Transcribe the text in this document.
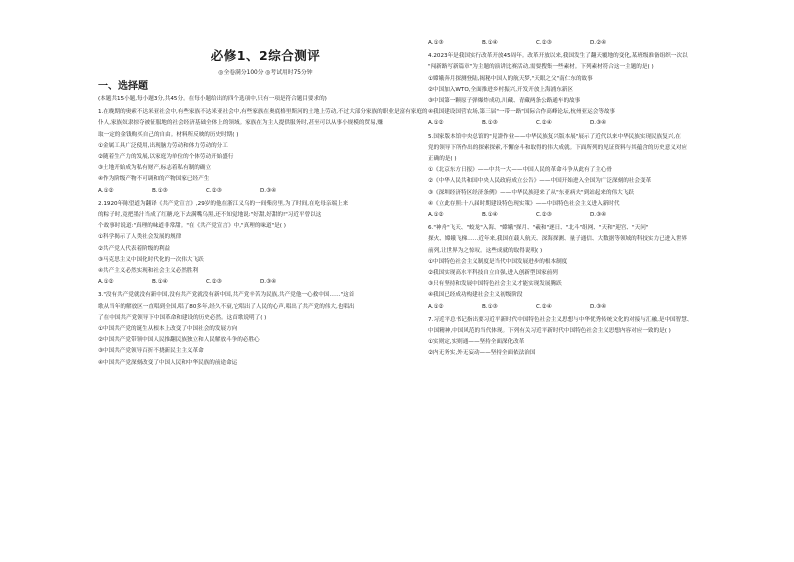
必修1、2综合测评
◎全卷满分100分 ◎考试用时75分钟
一、选择题
(本题共15小题,每小题3分,共45分。在每小题给出的四个选项中,只有一项是符合题目要求的)
1.在晚期的奥索不达米亚社会中,有些家族不达米亚社会中,有些家族在奥底格里斯河的土地上劳动,不过大部分家族的职业是富有家庭的
仆人,家族奴隶掠夺被征服地的社会经济基础全体上的领域。家族在为主人提供服务时,甚至可以从事小规模的贸易,赚
取一定的金钱购买自己的自由。材料所反映的历史时期( )
①金属工具广泛使用,出现脑力劳动和体力劳动的分工
②随着生产力的发展,以家庭为单位的个体劳动开始盛行
③土地开始成为私有财产,标志着私有制的确立
④作为阶级产物不可调和的产物国家已经产生
A.①②	B.①③	C.②③	D.③④
2.1920年陈望道为翻译《共产党宣言》,29岁的他在浙江义乌的一间柴房里,为了时间,在吃母亲端上来
的粽子时,竟把墨汁当成了红糖,吃下去满嘴乌黑,还不知觉地说:"好甜,好甜的!"习近平曾以这
个故事时说道:"真理的味道非常甜。"在《共产党宣言》中,"真理的味道"是( )
①科学揭示了人类社会发展的规律
②共产党人代表着阶级的利益
③马克思主义中国化时代化的一次伟大飞跃
④共产主义必然实现和社会主义必然胜利
A.①②	B.①④	C.②③	D.③④
3."没有共产党就没有新中国,没有共产党就没有新中国,共产党辛苦为民族,共产党他一心救中国……"这首
歌从当年的解放区一直唱到全国,唱了80多年,经久不衰,它唱出了人民的心声,唱出了共产党的伟大,也唱出
了在中国共产党领导下中国革命和建设的历史必然。这首歌说明了( )
①中国共产党的诞生从根本上改变了中国社会的发展方向
②中国共产党带领中国人民推翻民族独立和人民解放斗争的必胜心
③中国共产党领导百折不挠新民主主义革命
④中国共产党深刻改变了中国人民和中华民族的前途命运
A.①③	B.①④	C.②③	D.②④
4.2023年是我国实行改革开放45周年。改革开放以来,我国发生了翻天覆地的变化,某班级准备组织一次以
"闯新路写新篇章"为主题的演讲比赛活动,需要搜集一些素材。下列素材符合这一主题的是( )
①嫦娥奔月探测登陆,揭秘中国人的航天梦,"天眼之父"南仁东的故事
②中国加入WTO,全面推进乡村振兴,开发开放上海浦东新区
③中国第一颗原子弹爆炸成功,川藏、青藏两条公路通车的故事
④我国建设国营农场,第三届"一带一路"国际合作高峰论坛,杭州亚运会等故事
A.①②	B.①③	C.②④	D.③④
5.国家版本馆中央总馆的"見證作业——中华民族复兴版本展"展示了近代以来中华民族实现民族复兴,在
党的领导下所作出的探索探索,不懈奋斗和取得的伟大成就。下面所列的见证资料与其蕴含的历史意义对应
正确的是( )
①《北京东方日报》——中共一大——中国人民的革命斗争从此有了主心骨
②《中华人民共和国中央人民政府成立公告》——中国开始进入全国为广泛深刻的社会变革
③《深圳经济特区经济条例》——中华民族迎来了从"东亚病夫"到站起来的伟大飞跃
④《立此存照:十八届时期建设特色现实策》——中国特色社会主义进入新时代
A.①②	B.①④	C.②③	D.③④
6."神舟"飞天、"蛟龙"入海、"嫦娥"探月、"羲和"逐日、"北斗"组网、"天和"迎宫、"天问"
探火、嫦娥飞梯……近年来,我国在载人航天、深海探测、量子通信、大数据等领域的科技实力已进入世界
前列,让世界为之惊叹。这些成就的取得说明( )
①中国特色社会主义制度是当代中国发展进步的根本制度
②我国实现高水平科技自立自强,进入创新型国家前列
③只有坚持和发展中国特色社会主义才能实现发展腾跃
④我国已经成功构建社会主义初级阶段
A.①②	B.①③	C.②④	D.③④
7.习近平总书记指出要习近平新时代中国特色社会主义思想与中华优秀传统文化的对接与汇融,是中国智慧、
中国精神,中国风范的当代体现。下列有关习近平新时代中国特色社会主义思想内容对应一致的是( )
①实则定,实则通——坚持全面深化改革
②内无务实,外无妄动——坚持全面依法治国
